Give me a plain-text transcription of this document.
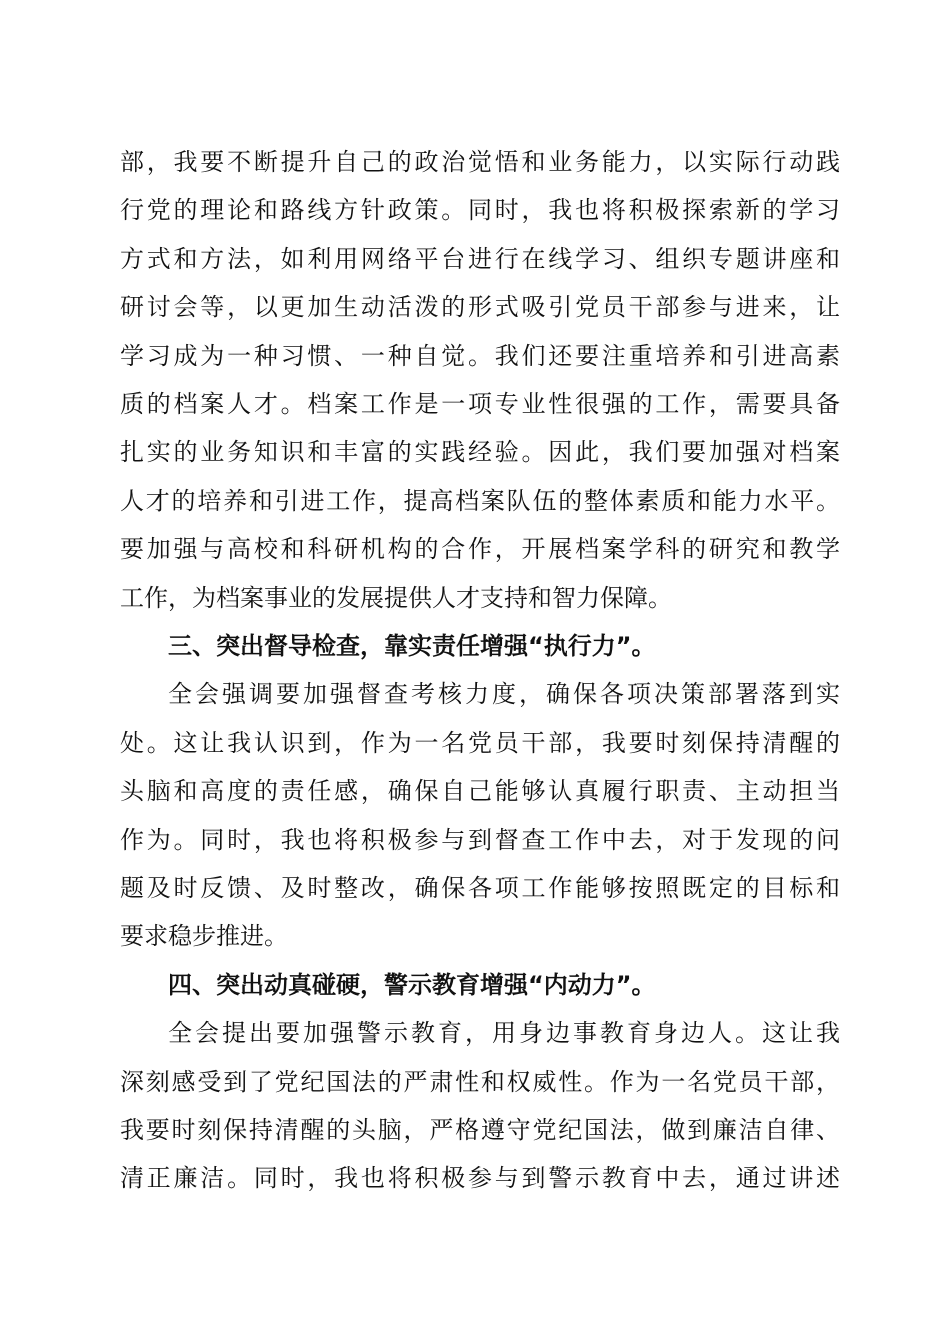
部，我要不断提升自己的政治觉悟和业务能力，以实际行动践
行党的理论和路线方针政策。同时，我也将积极探索新的学习
方式和方法，如利用网络平台进行在线学习、组织专题讲座和
研讨会等，以更加生动活泼的形式吸引党员干部参与进来，让
学习成为一种习惯、一种自觉。我们还要注重培养和引进高素
质的档案人才。档案工作是一项专业性很强的工作，需要具备
扎实的业务知识和丰富的实践经验。因此，我们要加强对档案
人才的培养和引进工作，提高档案队伍的整体素质和能力水平。
要加强与高校和科研机构的合作，开展档案学科的研究和教学
工作，为档案事业的发展提供人才支持和智力保障。
三、突出督导检查，靠实责任增强“执行力”。
全会强调要加强督查考核力度，确保各项决策部署落到实
处。这让我认识到，作为一名党员干部，我要时刻保持清醒的
头脑和高度的责任感，确保自己能够认真履行职责、主动担当
作为。同时，我也将积极参与到督查工作中去，对于发现的问
题及时反馈、及时整改，确保各项工作能够按照既定的目标和
要求稳步推进。
四、突出动真碰硬，警示教育增强“内动力”。
全会提出要加强警示教育，用身边事教育身边人。这让我
深刻感受到了党纪国法的严肃性和权威性。作为一名党员干部，
我要时刻保持清醒的头脑，严格遵守党纪国法，做到廉洁自律、
清正廉洁。同时，我也将积极参与到警示教育中去，通过讲述
